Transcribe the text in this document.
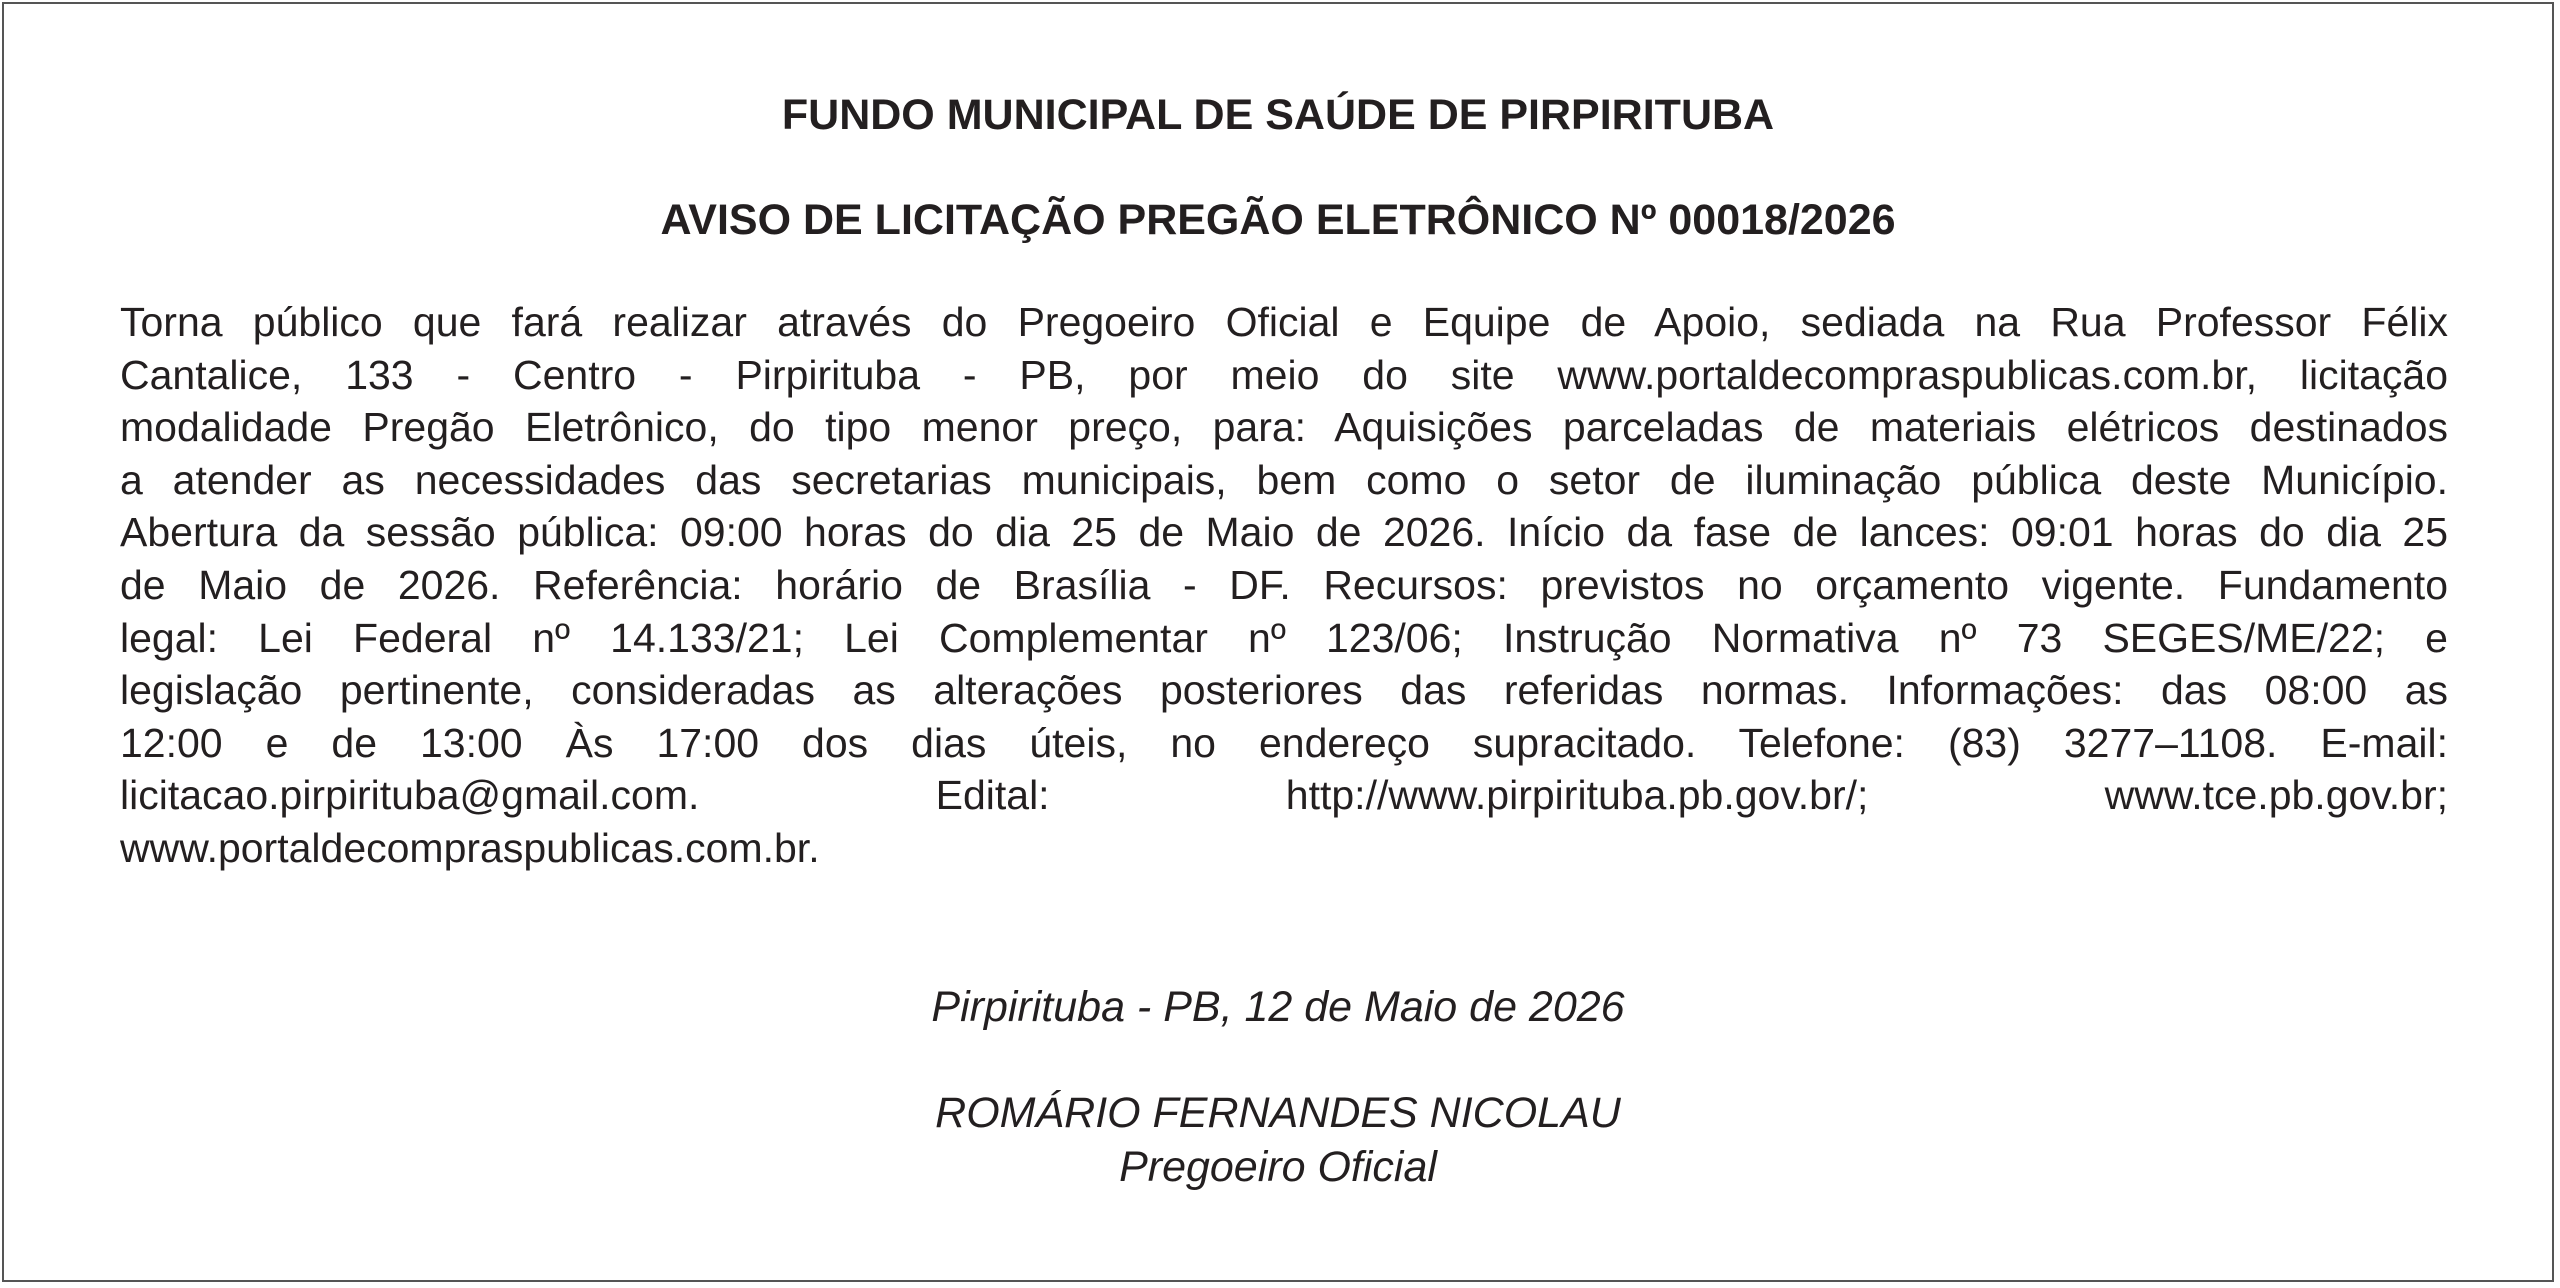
FUNDO MUNICIPAL DE SAÚDE DE PIRPIRITUBA
AVISO DE LICITAÇÃO PREGÃO ELETRÔNICO Nº 00018/2026
Torna público que fará realizar através do Pregoeiro Oficial e Equipe de Apoio, sediada na Rua Professor Félix
Cantalice, 133 - Centro - Pirpirituba - PB, por meio do site www.portaldecompraspublicas.com.br, licitação
modalidade Pregão Eletrônico, do tipo menor preço, para: Aquisições parceladas de materiais elétricos destinados
a atender as necessidades das secretarias municipais, bem como o setor de iluminação pública deste Município.
Abertura da sessão pública: 09:00 horas do dia 25 de Maio de 2026. Início da fase de lances: 09:01 horas do dia 25
de Maio de 2026. Referência: horário de Brasília - DF. Recursos: previstos no orçamento vigente. Fundamento
legal: Lei Federal nº 14.133/21; Lei Complementar nº 123/06; Instrução Normativa nº 73 SEGES/ME/22; e
legislação pertinente, consideradas as alterações posteriores das referidas normas. Informações: das 08:00 as
12:00 e de 13:00 Às 17:00 dos dias úteis, no endereço supracitado. Telefone: (83) 3277–1108. E-mail:
licitacao.pirpirituba@gmail.com. Edital: http://www.pirpirituba.pb.gov.br/; www.tce.pb.gov.br;
www.portaldecompraspublicas.com.br.
Pirpirituba - PB, 12 de Maio de 2026
ROMÁRIO FERNANDES NICOLAU
Pregoeiro Oficial
